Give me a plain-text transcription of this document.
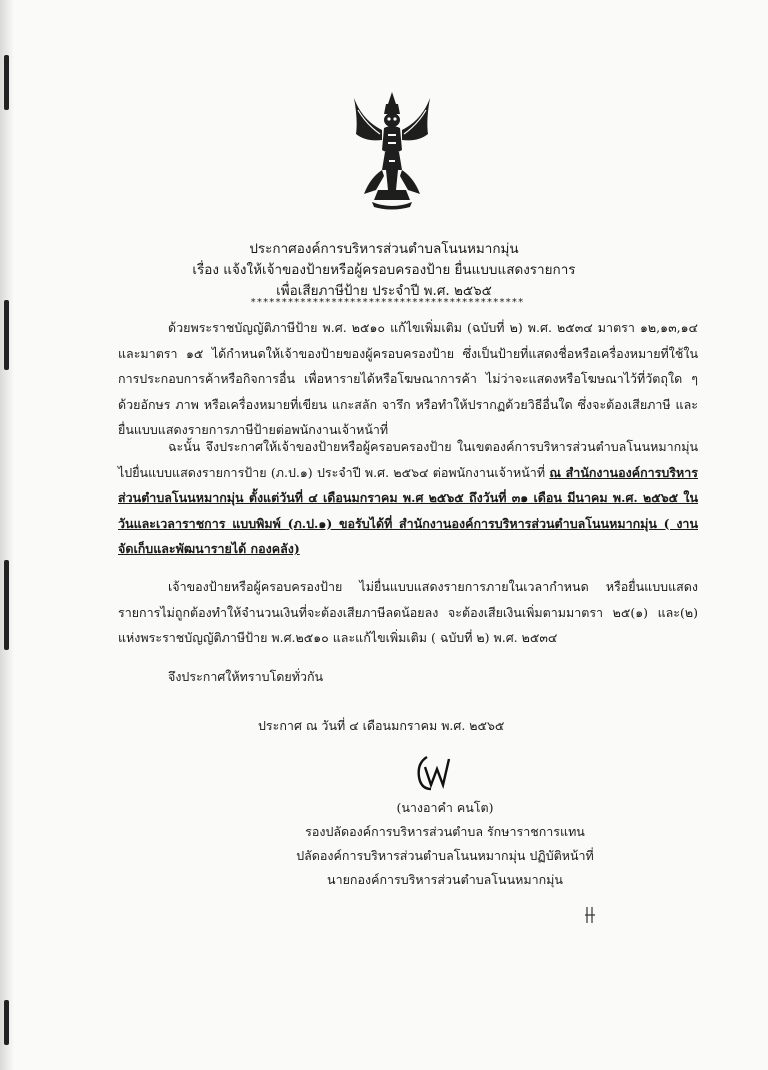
ประกาศองค์การบริหารส่วนตำบลโนนหมากมุ่น
เรื่อง แจ้งให้เจ้าของป้ายหรือผู้ครอบครองป้าย ยื่นแบบแสดงรายการ
เพื่อเสียภาษีป้าย ประจำปี พ.ศ. ๒๕๖๕
********************************************
ด้วยพระราชบัญญัติภาษีป้าย พ.ศ. ๒๕๑๐ แก้ไขเพิ่มเติม (ฉบับที่ ๒) พ.ศ. ๒๕๓๔ มาตรา ๑๒,๑๓,๑๔ และมาตรา ๑๕ ได้กำหนดให้เจ้าของป้ายของผู้ครอบครองป้าย ซึ่งเป็นป้ายที่แสดงชื่อหรือเครื่องหมายที่ใช้ในการประกอบการค้าหรือกิจการอื่น เพื่อหารายได้หรือโฆษณาการค้า ไม่ว่าจะแสดงหรือโฆษณาไว้ที่วัตถุใด ๆ ด้วยอักษร ภาพ หรือเครื่องหมายที่เขียน แกะสลัก จารึก หรือทำให้ปรากฏด้วยวิธีอื่นใด ซึ่งจะต้องเสียภาษี และยื่นแบบแสดงรายการภาษีป้ายต่อพนักงานเจ้าหน้าที่
ฉะนั้น จึงประกาศให้เจ้าของป้ายหรือผู้ครอบครองป้าย ในเขตองค์การบริหารส่วนตำบลโนนหมากมุ่นไปยื่นแบบแสดงรายการป้าย (ภ.ป.๑) ประจำปี พ.ศ. ๒๕๖๔ ต่อพนักงานเจ้าหน้าที่ ณ สำนักงานองค์การบริหารส่วนตำบลโนนหมากมุ่น ตั้งแต่วันที่ ๔ เดือนมกราคม พ.ศ ๒๕๖๕ ถึงวันที่ ๓๑ เดือน มีนาคม พ.ศ. ๒๕๖๕ ในวันและเวลาราชการ แบบพิมพ์ (ภ.ป.๑) ขอรับได้ที่ สำนักงานองค์การบริหารส่วนตำบลโนนหมากมุ่น ( งานจัดเก็บและพัฒนารายได้ กองคลัง)
เจ้าของป้ายหรือผู้ครอบครองป้าย ไม่ยื่นแบบแสดงรายการภายในเวลากำหนด หรือยื่นแบบแสดงรายการไม่ถูกต้องทำให้จำนวนเงินที่จะต้องเสียภาษีลดน้อยลง จะต้องเสียเงินเพิ่มตามมาตรา ๒๕(๑) และ(๒) แห่งพระราชบัญญัติภาษีป้าย พ.ศ.๒๕๑๐ และแก้ไขเพิ่มเติม ( ฉบับที่ ๒) พ.ศ. ๒๕๓๔
จึงประกาศให้ทราบโดยทั่วกัน
ประกาศ ณ วันที่ ๔ เดือนมกราคม พ.ศ. ๒๕๖๕
(นางอาคำ คนโต)
รองปลัดองค์การบริหารส่วนตำบล รักษาราชการแทน
ปลัดองค์การบริหารส่วนตำบลโนนหมากมุ่น ปฏิบัติหน้าที่
นายกองค์การบริหารส่วนตำบลโนนหมากมุ่น
